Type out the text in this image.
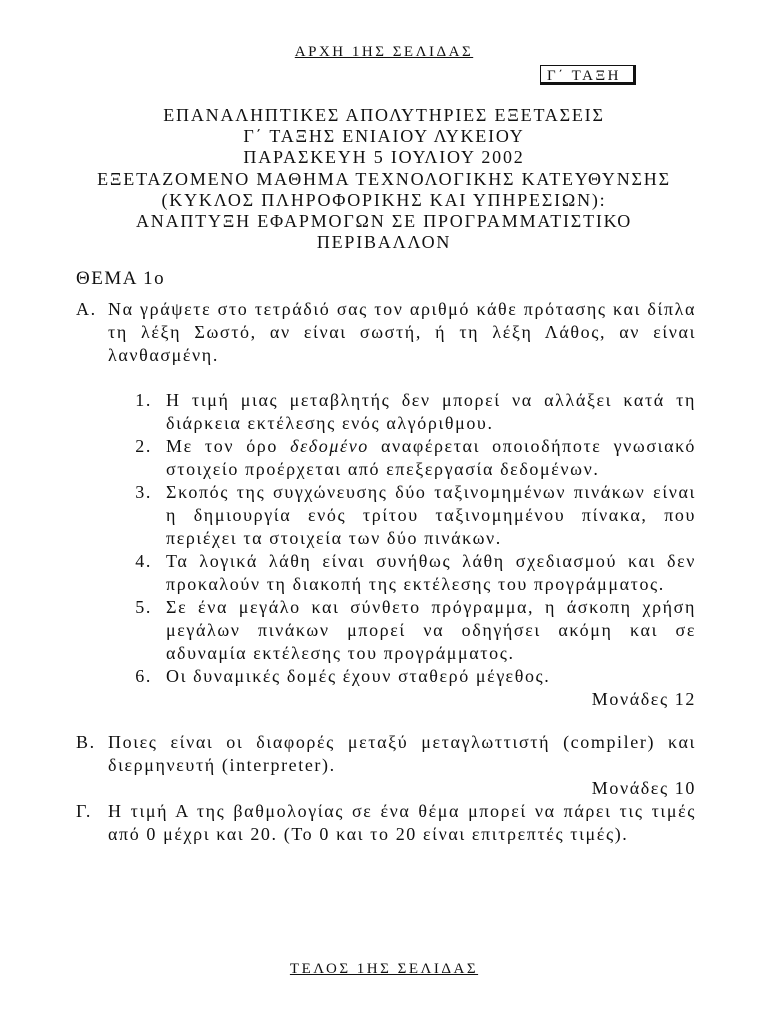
ΑΡΧΗ 1ΗΣ ΣΕΛΙΔΑΣ
Γ΄ ΤΑΞΗ
ΕΠΑΝΑΛΗΠΤΙΚΕΣ ΑΠΟΛΥΤΗΡΙΕΣ ΕΞΕΤΑΣΕΙΣ
Γ΄ ΤΑΞΗΣ ΕΝΙΑΙΟΥ ΛΥΚΕΙΟΥ
ΠΑΡΑΣΚΕΥΗ 5 ΙΟΥΛΙΟΥ 2002
ΕΞΕΤΑΖΟΜΕΝΟ ΜΑΘΗΜΑ ΤΕΧΝΟΛΟΓΙΚΗΣ ΚΑΤΕΥΘΥΝΣΗΣ
(ΚΥΚΛΟΣ ΠΛΗΡΟΦΟΡΙΚΗΣ ΚΑΙ ΥΠΗΡΕΣΙΩΝ):
ΑΝΑΠΤΥΞΗ ΕΦΑΡΜΟΓΩΝ ΣΕ ΠΡΟΓΡΑΜΜΑΤΙΣΤΙΚΟ
ΠΕΡΙΒΑΛΛΟΝ
ΘΕΜΑ 1ο
Α. Να γράψετε στο τετράδιό σας τον αριθμό κάθε πρότασης και δίπλα τη λέξη Σωστό, αν είναι σωστή, ή τη λέξη Λάθος, αν είναι λανθασμένη.
1. Η τιμή μιας μεταβλητής δεν μπορεί να αλλάξει κατά τη διάρκεια εκτέλεσης ενός αλγόριθμου.
2. Με τον όρο δεδομένο αναφέρεται οποιοδήποτε γνωσιακό στοιχείο προέρχεται από επεξεργασία δεδομένων.
3. Σκοπός της συγχώνευσης δύο ταξινομημένων πινάκων είναι η δημιουργία ενός τρίτου ταξινομημένου πίνακα, που περιέχει τα στοιχεία των δύο πινάκων.
4. Τα λογικά λάθη είναι συνήθως λάθη σχεδιασμού και δεν προκαλούν τη διακοπή της εκτέλεσης του προγράμματος.
5. Σε ένα μεγάλο και σύνθετο πρόγραμμα, η άσκοπη χρήση μεγάλων πινάκων μπορεί να οδηγήσει ακόμη και σε αδυναμία εκτέλεσης του προγράμματος.
6. Οι δυναμικές δομές έχουν σταθερό μέγεθος.
Μονάδες 12
Β. Ποιες είναι οι διαφορές μεταξύ μεταγλωττιστή (compiler) και διερμηνευτή (interpreter).
Μονάδες 10
Γ. Η τιμή Α της βαθμολογίας σε ένα θέμα μπορεί να πάρει τις τιμές από 0 μέχρι και 20. (Το 0 και το 20 είναι επιτρεπτές τιμές).
ΤΕΛΟΣ 1ΗΣ ΣΕΛΙΔΑΣ
